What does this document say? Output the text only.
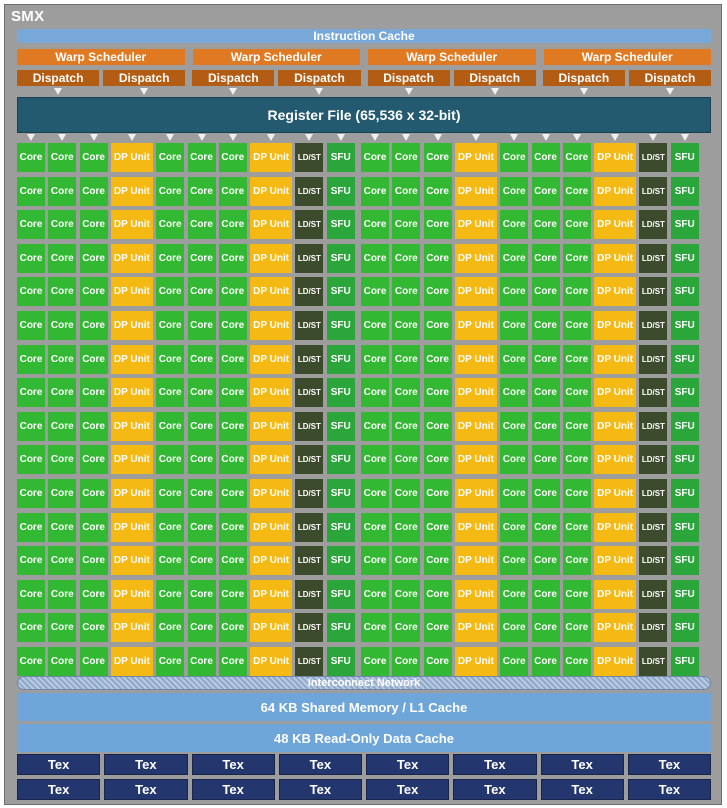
SMX
Instruction Cache
Warp Scheduler	Warp Scheduler	Warp Scheduler	Warp Scheduler
Dispatch	Dispatch	Dispatch	Dispatch	Dispatch	Dispatch	Dispatch	Dispatch
Register File (65,536 x 32-bit)
Core Core Core DP Unit Core Core Core DP Unit	LD/ST SFU	Core Core Core DP Unit Core Core Core DP Unit	LD/ST SFU
Core Core Core DP Unit Core Core Core DP Unit	LD/ST SFU	Core Core Core DP Unit Core Core Core DP Unit	LD/ST SFU
Core Core Core DP Unit Core Core Core DP Unit	LD/ST SFU	Core Core Core DP Unit Core Core Core DP Unit	LD/ST SFU
Core Core Core DP Unit Core Core Core DP Unit	LD/ST SFU	Core Core Core DP Unit Core Core Core DP Unit	LD/ST SFU
Core Core Core DP Unit Core Core Core DP Unit	LD/ST SFU	Core Core Core DP Unit Core Core Core DP Unit	LD/ST SFU
Core Core Core DP Unit Core Core Core DP Unit	LD/ST SFU	Core Core Core DP Unit Core Core Core DP Unit	LD/ST SFU
Core Core Core DP Unit Core Core Core DP Unit	LD/ST SFU	Core Core Core DP Unit Core Core Core DP Unit	LD/ST SFU
Core Core Core DP Unit Core Core Core DP Unit	LD/ST SFU	Core Core Core DP Unit Core Core Core DP Unit	LD/ST SFU
Core Core Core DP Unit Core Core Core DP Unit	LD/ST SFU	Core Core Core DP Unit Core Core Core DP Unit	LD/ST SFU
Core Core Core DP Unit Core Core Core DP Unit	LD/ST SFU	Core Core Core DP Unit Core Core Core DP Unit	LD/ST SFU
Core Core Core DP Unit Core Core Core DP Unit	LD/ST SFU	Core Core Core DP Unit Core Core Core DP Unit	LD/ST SFU
Core Core Core DP Unit Core Core Core DP Unit	LD/ST SFU	Core Core Core DP Unit Core Core Core DP Unit	LD/ST SFU
Core Core Core DP Unit Core Core Core DP Unit	LD/ST SFU	Core Core Core DP Unit Core Core Core DP Unit	LD/ST SFU
Core Core Core DP Unit Core Core Core DP Unit	LD/ST SFU	Core Core Core DP Unit Core Core Core DP Unit	LD/ST SFU
Core Core Core DP Unit Core Core Core DP Unit	LD/ST SFU	Core Core Core DP Unit Core Core Core DP Unit	LD/ST SFU
Core Core Core DP Unit Core Core Core DP Unit	LD/ST SFU	Core Core Core DP Unit Core Core Core DP Unit	LD/ST SFU
Interconnect Network
64 KB Shared Memory / L1 Cache
48 KB Read-Only Data Cache
Tex	Tex	Tex	Tex	Tex	Tex	Tex	Tex
Tex	Tex	Tex	Tex	Tex	Tex	Tex	Tex
